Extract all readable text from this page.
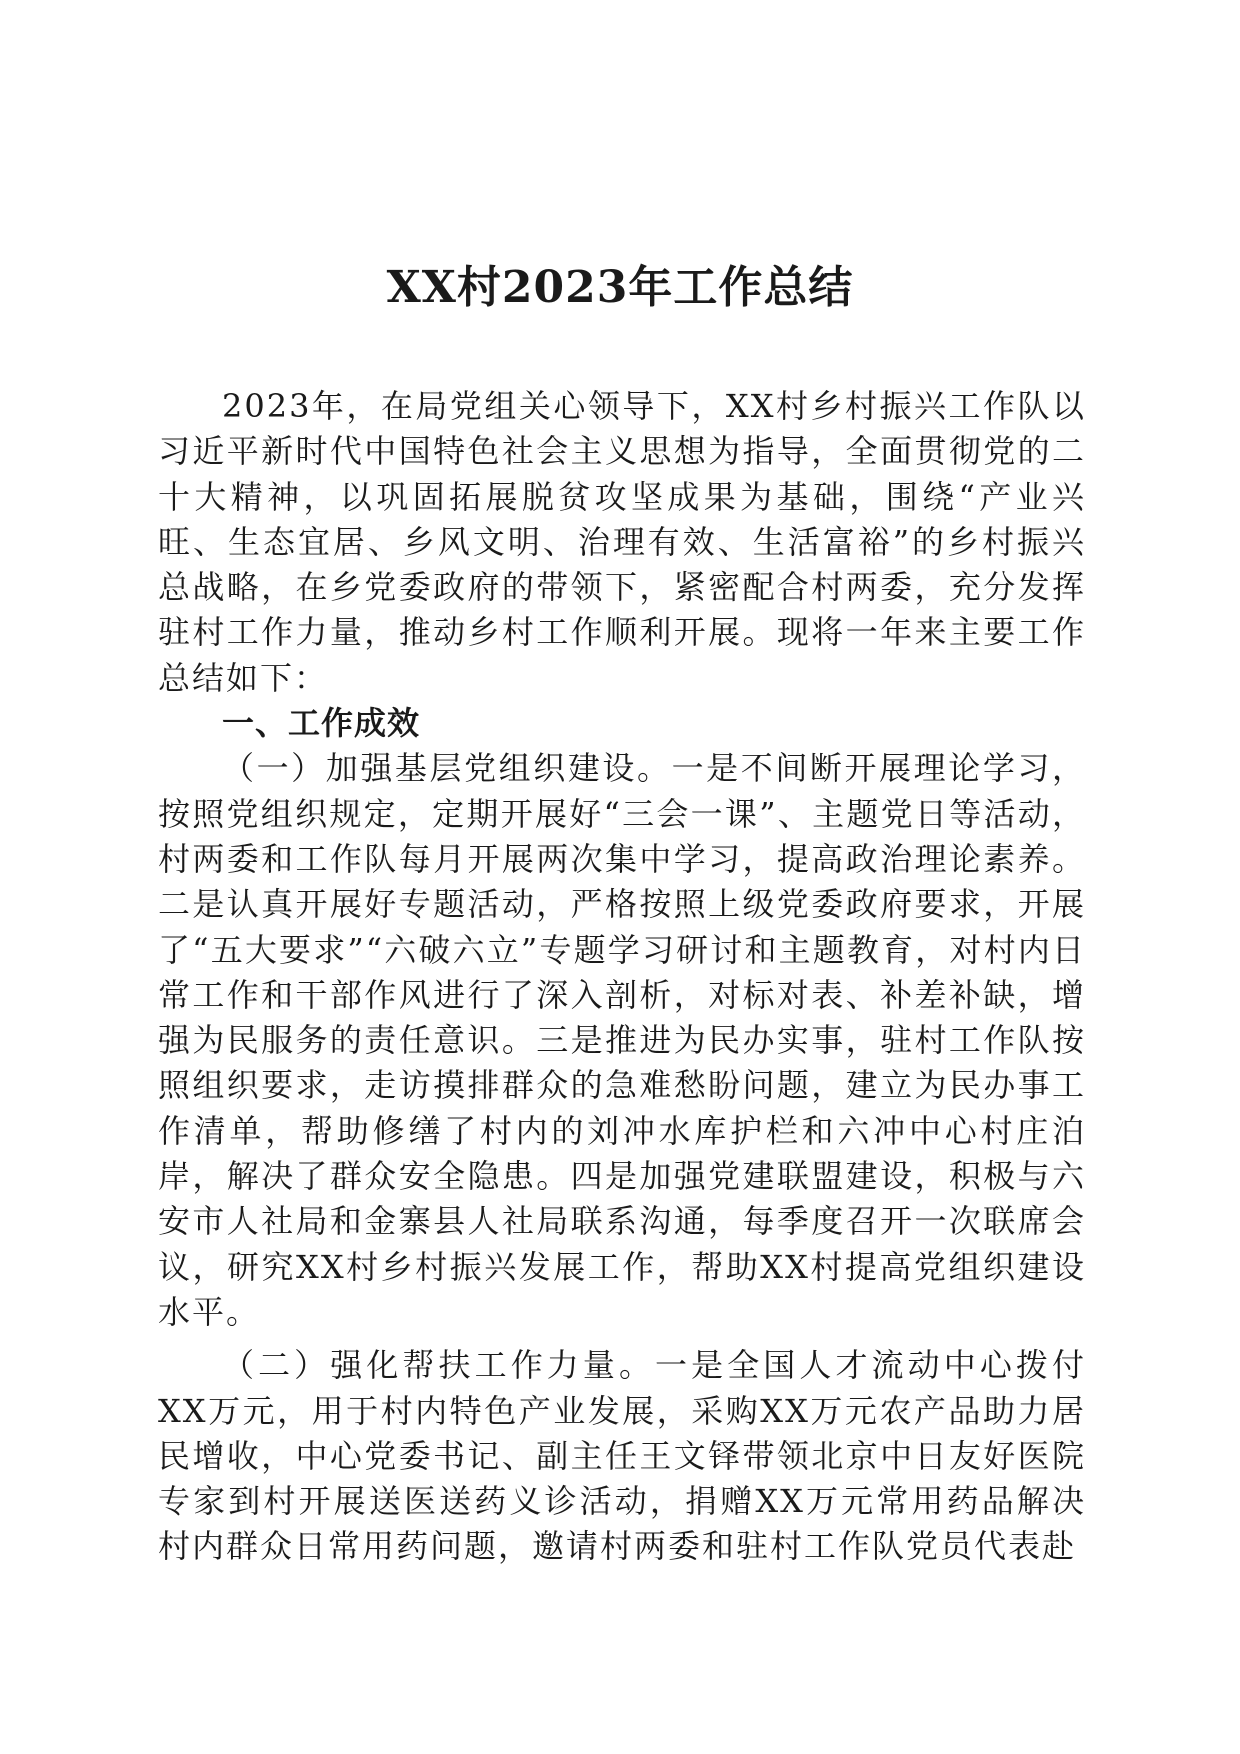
XX村2023年工作总结

2023年，在局党组关心领导下，XX村乡村振兴工作队以习近平新时代中国特色社会主义思想为指导，全面贯彻党的二十大精神，以巩固拓展脱贫攻坚成果为基础，围绕“产业兴旺、生态宜居、乡风文明、治理有效、生活富裕”的乡村振兴总战略，在乡党委政府的带领下，紧密配合村两委，充分发挥驻村工作力量，推动乡村工作顺利开展。现将一年来主要工作总结如下：

一、工作成效

（一）加强基层党组织建设。一是不间断开展理论学习，按照党组织规定，定期开展好“三会一课”、主题党日等活动，村两委和工作队每月开展两次集中学习，提高政治理论素养。二是认真开展好专题活动，严格按照上级党委政府要求，开展了“五大要求”“六破六立”专题学习研讨和主题教育，对村内日常工作和干部作风进行了深入剖析，对标对表、补差补缺，增强为民服务的责任意识。三是推进为民办实事，驻村工作队按照组织要求，走访摸排群众的急难愁盼问题，建立为民办事工作清单，帮助修缮了村内的刘冲水库护栏和六冲中心村庄泊岸，解决了群众安全隐患。四是加强党建联盟建设，积极与六安市人社局和金寨县人社局联系沟通，每季度召开一次联席会议，研究XX村乡村振兴发展工作，帮助XX村提高党组织建设水平。

（二）强化帮扶工作力量。一是全国人才流动中心拨付XX万元，用于村内特色产业发展，采购XX万元农产品助力居民增收，中心党委书记、副主任王文铎带领北京中日友好医院专家到村开展送医送药义诊活动，捐赠XX万元常用药品解决村内群众日常用药问题，邀请村两委和驻村工作队党员代表赴
